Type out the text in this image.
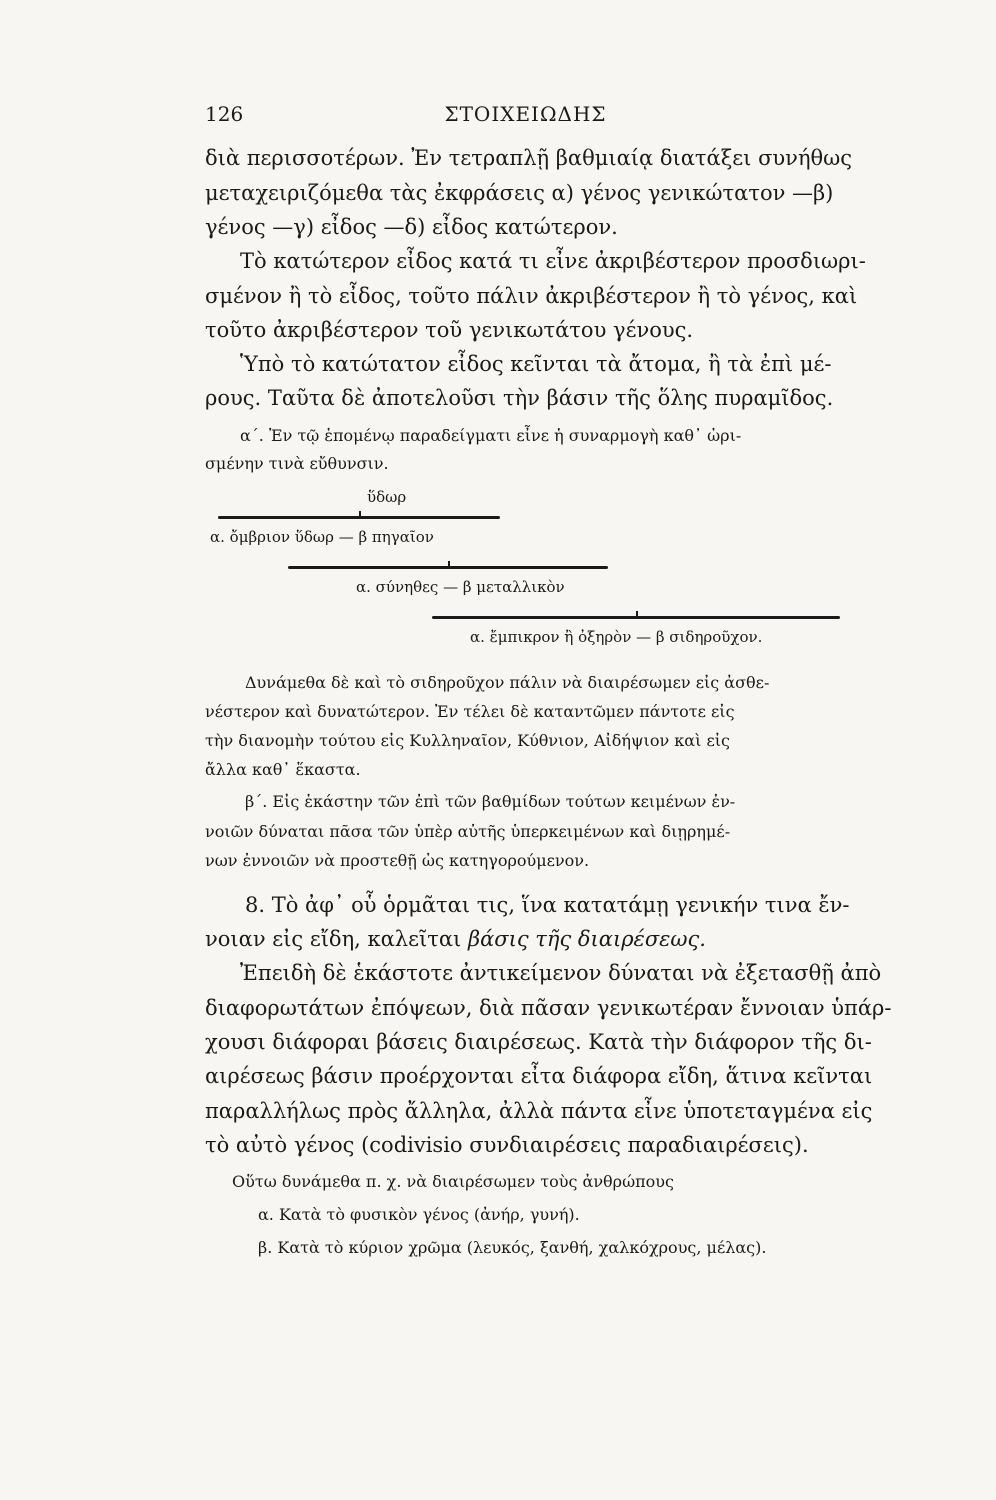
126	ΣΤΟΙΧΕΙΩΔΗΣ
διὰ περισσοτέρων. Ἐν τετραπλῇ βαθμιαίᾳ διατάξει συνήθως
μεταχειριζόμεθα τὰς ἐκφράσεις α) γένος γενικώτατον —β)
γένος —γ) εἶδος —δ) εἶδος κατώτερον.
Τὸ κατώτερον εἶδος κατά τι εἶνε ἀκριβέστερον προσδιωρι-
σμένον ἢ τὸ εἶδος, τοῦτο πάλιν ἀκριβέστερον ἢ τὸ γένος, καὶ
τοῦτο ἀκριβέστερον τοῦ γενικωτάτου γένους.
Ὑπὸ τὸ κατώτατον εἶδος κεῖνται τὰ ἄτομα, ἢ τὰ ἐπὶ μέ-
ρους. Ταῦτα δὲ ἀποτελοῦσι τὴν βάσιν τῆς ὅλης πυραμῖδος.
α΄. Ἐν τῷ ἑπομένῳ παραδείγματι εἶνε ἡ συναρμογὴ καθ᾽ ὡρι-
σμένην τινὰ εὔθυνσιν.
ὕδωρ
α. ὄμβριον ὕδωρ — β πηγαῖον
α. σύνηθες — β μεταλλικὸν
α. ἔμπικρον ἢ ὀξηρὸν — β σιδηροῦχον.
Δυνάμεθα δὲ καὶ τὸ σιδηροῦχον πάλιν νὰ διαιρέσωμεν εἰς ἀσθε-
νέστερον καὶ δυνατώτερον. Ἐν τέλει δὲ καταντῶμεν πάντοτε εἰς
τὴν διανομὴν τούτου εἰς Κυλληναῖον, Κύθνιον, Αἰδήψιον καὶ εἰς
ἄλλα καθ᾽ ἕκαστα.
β΄. Εἰς ἑκάστην τῶν ἐπὶ τῶν βαθμίδων τούτων κειμένων ἐν-
νοιῶν δύναται πᾶσα τῶν ὑπὲρ αὐτῆς ὑπερκειμένων καὶ διῃρημέ-
νων ἐννοιῶν νὰ προστεθῇ ὡς κατηγορούμενον.
8. Τὸ ἀφ᾽ οὗ ὁρμᾶται τις, ἵνα κατατάμῃ γενικήν τινα ἔν-
νοιαν εἰς εἴδη, καλεῖται βάσις τῆς διαιρέσεως.
Ἐπειδὴ δὲ ἑκάστοτε ἀντικείμενον δύναται νὰ ἐξετασθῇ ἀπὸ
διαφορωτάτων ἐπόψεων, διὰ πᾶσαν γενικωτέραν ἔννοιαν ὑπάρ-
χουσι διάφοραι βάσεις διαιρέσεως. Κατὰ τὴν διάφορον τῆς δι-
αιρέσεως βάσιν προέρχονται εἶτα διάφορα εἴδη, ἅτινα κεῖνται
παραλλήλως πρὸς ἄλληλα, ἀλλὰ πάντα εἶνε ὑποτεταγμένα εἰς
τὸ αὐτὸ γένος (codivisio συνδιαιρέσεις παραδιαιρέσεις).
Οὕτω δυνάμεθα π. χ. νὰ διαιρέσωμεν τοὺς ἀνθρώπους
α. Κατὰ τὸ φυσικὸν γένος (ἀνήρ, γυνή).
β. Κατὰ τὸ κύριον χρῶμα (λευκός, ξανθή, χαλκόχρους, μέλας).
